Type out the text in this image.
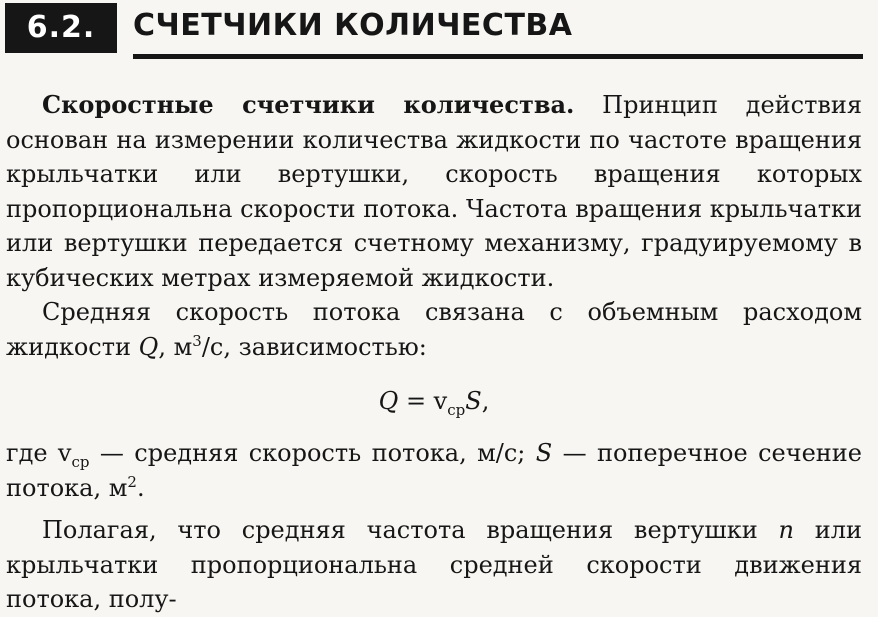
6.2.	СЧЕТЧИКИ КОЛИЧЕСТВА

Скоростные счетчики количества. Принцип действия основан на измерении количества жидкости по частоте вращения крыльчатки или вертушки, скорость вращения которых пропорциональна скорости потока. Частота вращения крыльчатки или вертушки передается счетному механизму, градуируемому в кубических метрах измеряемой жидкости.

Средняя скорость потока связана с объемным расходом жидкости Q, $м^3/с$, зависимостью:

$Q = v_{ср}S$,

где $v_{ср}$ — средняя скорость потока, м/с; S — поперечное сечение потока, $м^2$.

Полагая, что средняя частота вращения вертушки n или крыльчатки пропорциональна средней скорости движения потока, полу-
